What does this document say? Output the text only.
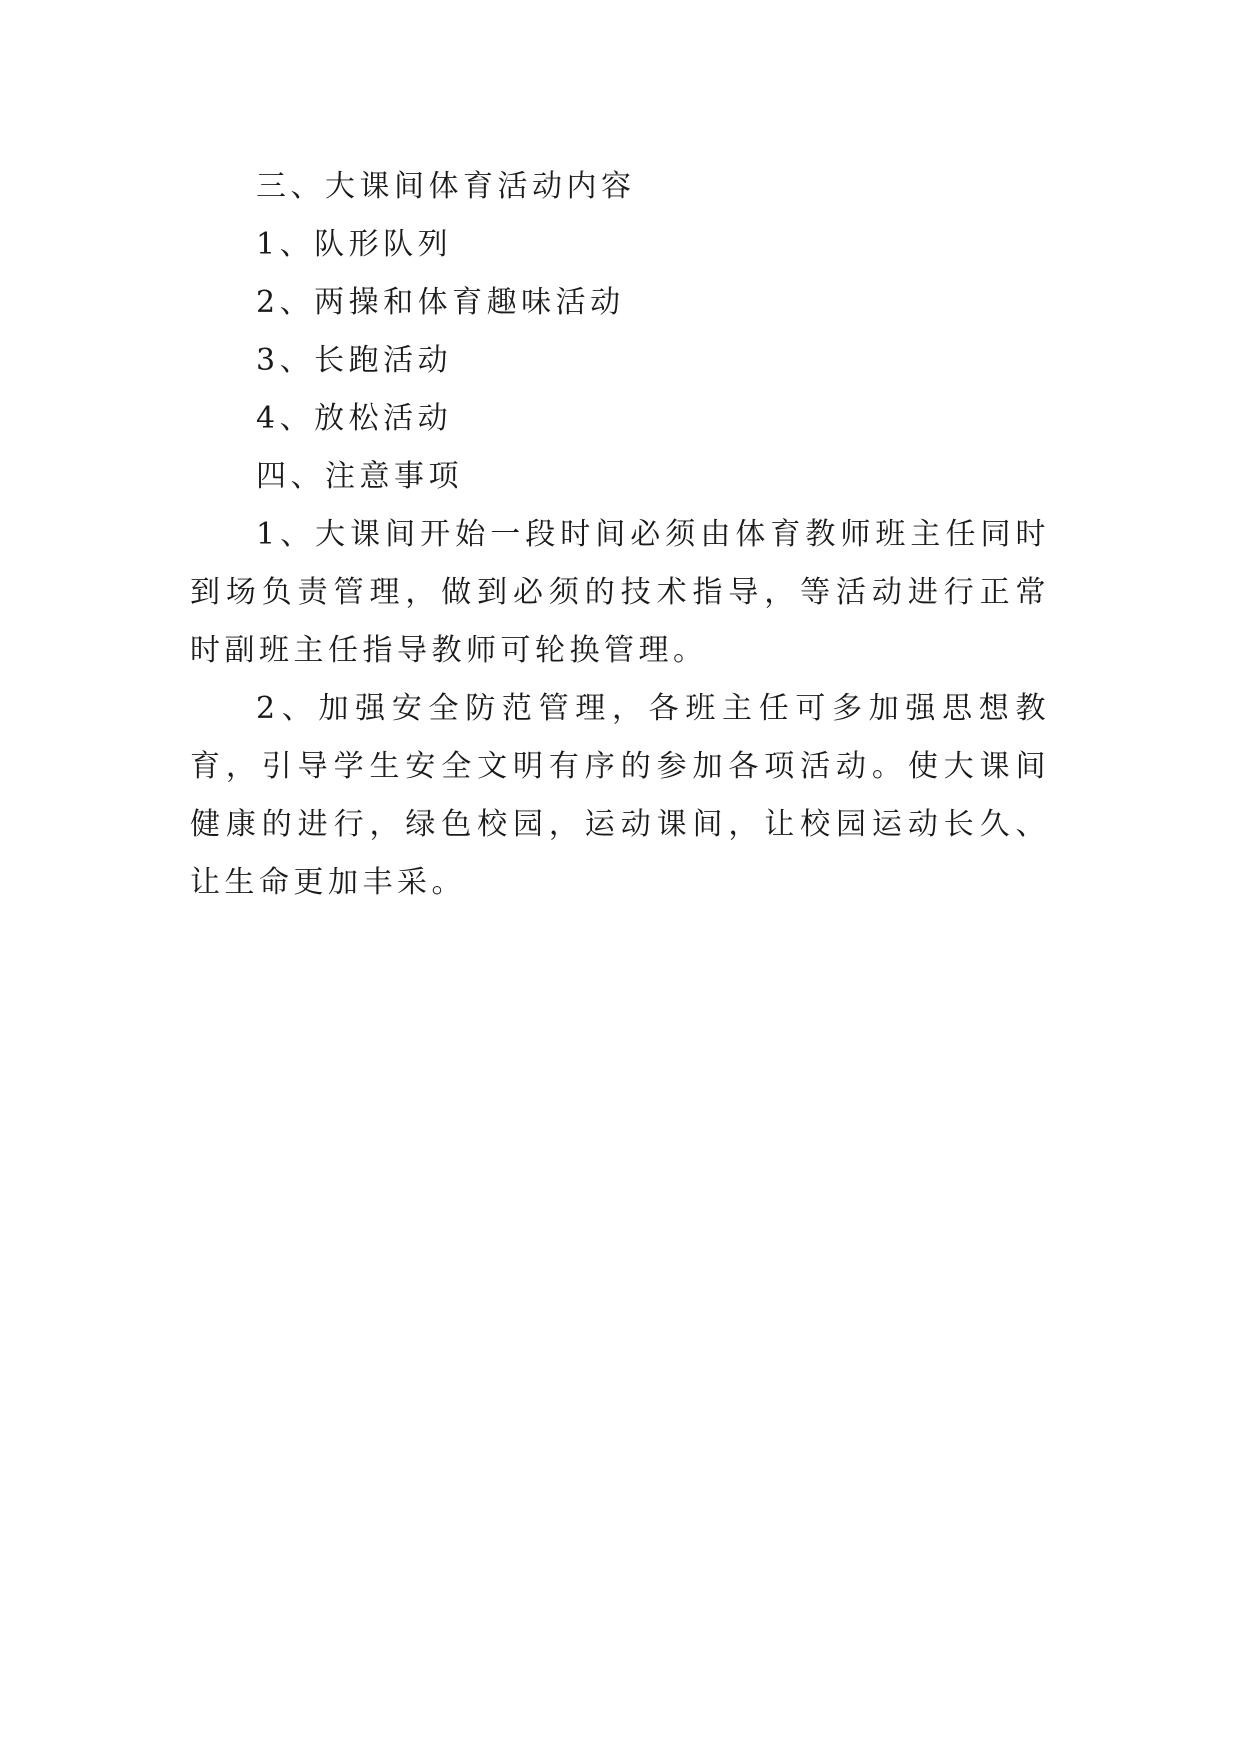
三、大课间体育活动内容
1、队形队列
2、两操和体育趣味活动
3、长跑活动
4、放松活动
四、注意事项

1、大课间开始一段时间必须由体育教师班主任同时到场负责管理，做到必须的技术指导，等活动进行正常时副班主任指导教师可轮换管理。

2、加强安全防范管理，各班主任可多加强思想教育，引导学生安全文明有序的参加各项活动。使大课间健康的进行，绿色校园，运动课间，让校园运动长久、让生命更加丰采。
